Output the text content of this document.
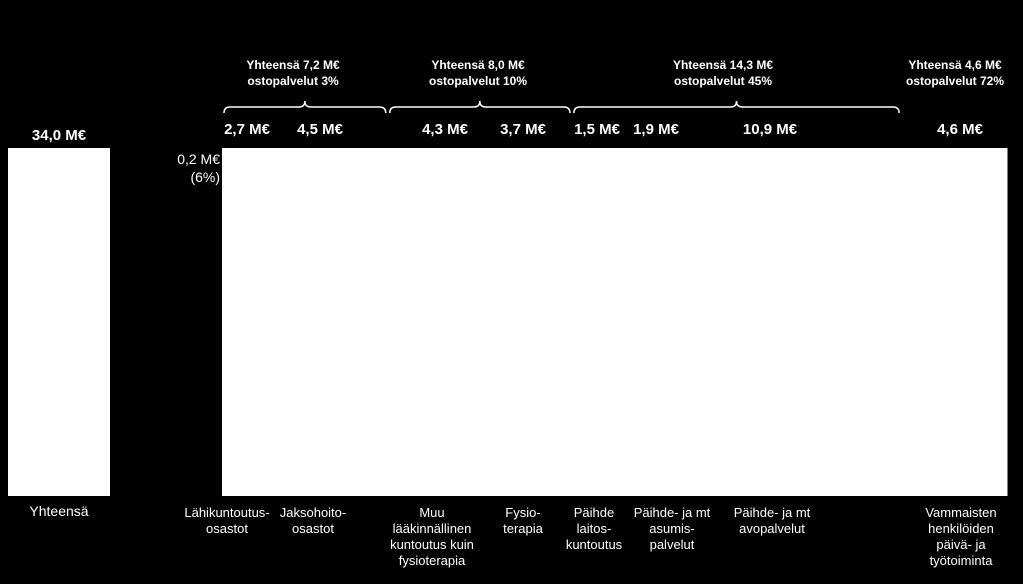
34,0 M€
Yhteensä
0,2 M€
(6%)
Yhteensä 7,2 M€
ostopalvelut 3%
Yhteensä 8,0 M€
ostopalvelut 10%
Yhteensä 14,3 M€
ostopalvelut 45%
Yhteensä 4,6 M€
ostopalvelut 72%
2,7 M€	4,5 M€	4,3 M€	3,7 M€	1,5 M€ 1,9 M€	10,9 M€	4,6 M€
Lähikuntoutus-
osastot
Jaksohoito-
osastot
Muu
lääkinnällinen
kuntoutus kuin
fysioterapia
Fysio-
terapia
Päihde
laitos-
kuntoutus
Päihde- ja mt
asumis-
palvelut
Päihde- ja mt
avopalvelut
Vammaisten
henkilöiden
päivä- ja
työtoiminta
